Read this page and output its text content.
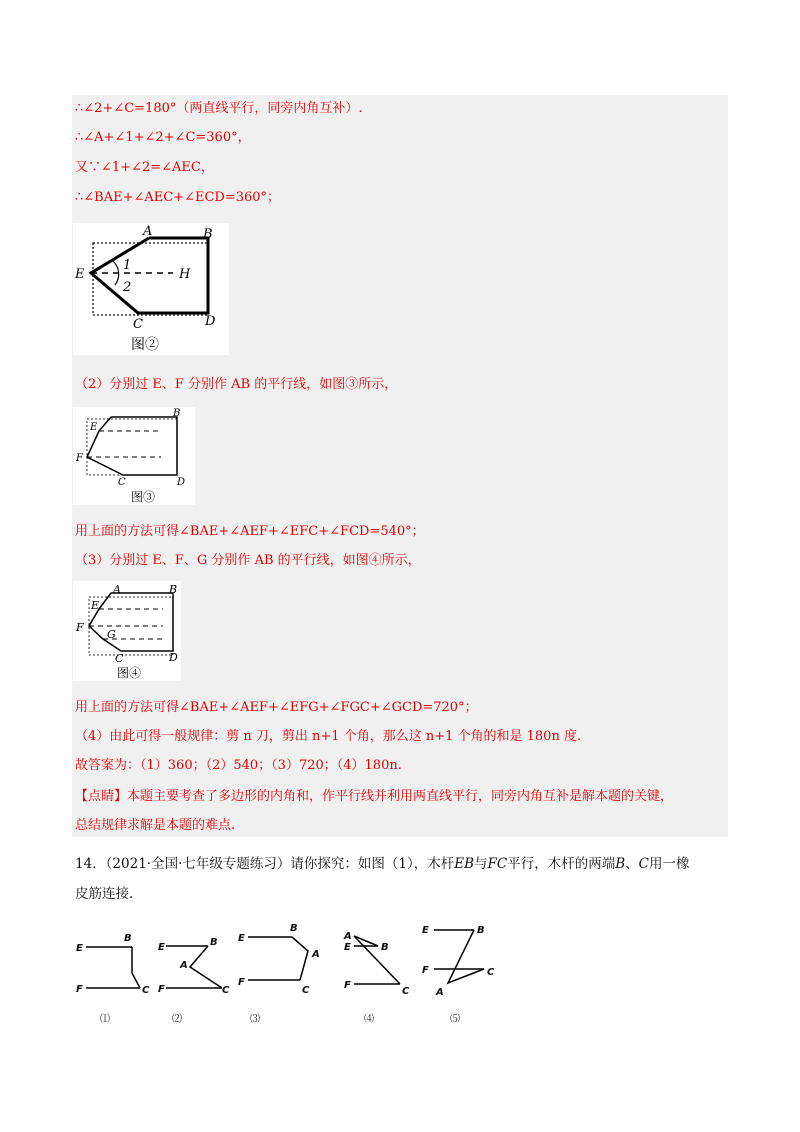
∴∠2+∠C=180°（两直线平行，同旁内角互补）.
∴∠A+∠1+∠2+∠C=360°，
又∵∠1+∠2=∠AEC，
∴∠BAE+∠AEC+∠ECD=360°；
A	B
E
1
2
H
C	D
图②
（2）分别过 E、F 分别作 AB 的平行线，如图③所示，
B
E
F
C	D
图③
用上面的方法可得∠BAE+∠AEF+∠EFC+∠FCD=540°；
（3）分别过 E、F、G 分别作 AB 的平行线，如图④所示，
A	B
E
F
G
C	D
图④
用上面的方法可得∠BAE+∠AEF+∠EFG+∠FGC+∠GCD=720°；
（4）由此可得一般规律：剪 n 刀，剪出 n+1 个角，那么这 n+1 个角的和是 180n 度.
故答案为：（1）360；（2）540；（3）720；（4）180n.
【点睛】本题主要考查了多边形的内角和，作平行线并利用两直线平行，同旁内角互补是解本题的关键，
总结规律求解是本题的难点.
14．（2021·全国·七年级专题练习）请你探究：如图（1），木杆EB与FC平行，木杆的两端B、C用一橡
皮筋连接.
E
B
F	C
E	B
A
F	C
E
B
A
F
C
A
B
E
F
C
E	B
F	C
A
⑴	⑵	⑶	⑷	⑸
